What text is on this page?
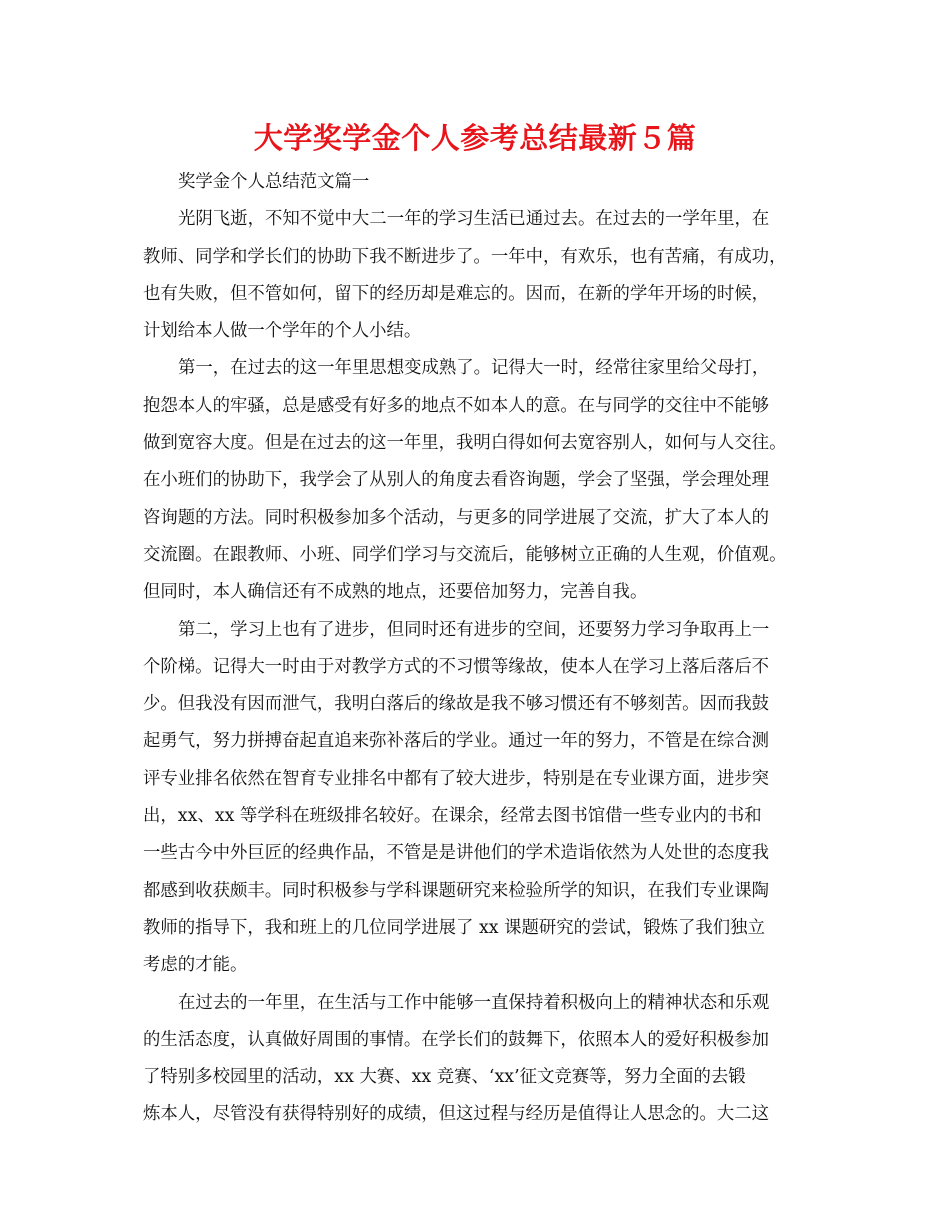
大学奖学金个人参考总结最新５篇
奖学金个人总结范文篇一
光阴飞逝，不知不觉中大二一年的学习生活已通过去。在过去的一学年里，在
教师、同学和学长们的协助下我不断进步了。一年中，有欢乐，也有苦痛，有成功，
也有失败，但不管如何，留下的经历却是难忘的。因而，在新的学年开场的时候，
计划给本人做一个学年的个人小结。
第一，在过去的这一年里思想变成熟了。记得大一时，经常往家里给父母打，
抱怨本人的牢骚，总是感受有好多的地点不如本人的意。在与同学的交往中不能够
做到宽容大度。但是在过去的这一年里，我明白得如何去宽容别人，如何与人交往。
在小班们的协助下，我学会了从别人的角度去看咨询题，学会了坚强，学会理处理
咨询题的方法。同时积极参加多个活动，与更多的同学进展了交流，扩大了本人的
交流圈。在跟教师、小班、同学们学习与交流后，能够树立正确的人生观，价值观。
但同时，本人确信还有不成熟的地点，还要倍加努力，完善自我。
第二，学习上也有了进步，但同时还有进步的空间，还要努力学习争取再上一
个阶梯。记得大一时由于对教学方式的不习惯等缘故，使本人在学习上落后落后不
少。但我没有因而泄气，我明白落后的缘故是我不够习惯还有不够刻苦。因而我鼓
起勇气，努力拼搏奋起直追来弥补落后的学业。通过一年的努力，不管是在综合测
评专业排名依然在智育专业排名中都有了较大进步，特别是在专业课方面，进步突
出，xx、xx 等学科在班级排名较好。在课余，经常去图书馆借一些专业内的书和
一些古今中外巨匠的经典作品，不管是是讲他们的学术造诣依然为人处世的态度我
都感到收获颇丰。同时积极参与学科课题研究来检验所学的知识，在我们专业课陶
教师的指导下，我和班上的几位同学进展了 xx 课题研究的尝试，锻炼了我们独立
考虑的才能。
在过去的一年里，在生活与工作中能够一直保持着积极向上的精神状态和乐观
的生活态度，认真做好周围的事情。在学长们的鼓舞下，依照本人的爱好积极参加
了特别多校园里的活动，xx 大赛、xx 竞赛、‘xx’征文竞赛等，努力全面的去锻
炼本人，尽管没有获得特别好的成绩，但这过程与经历是值得让人思念的。大二这
